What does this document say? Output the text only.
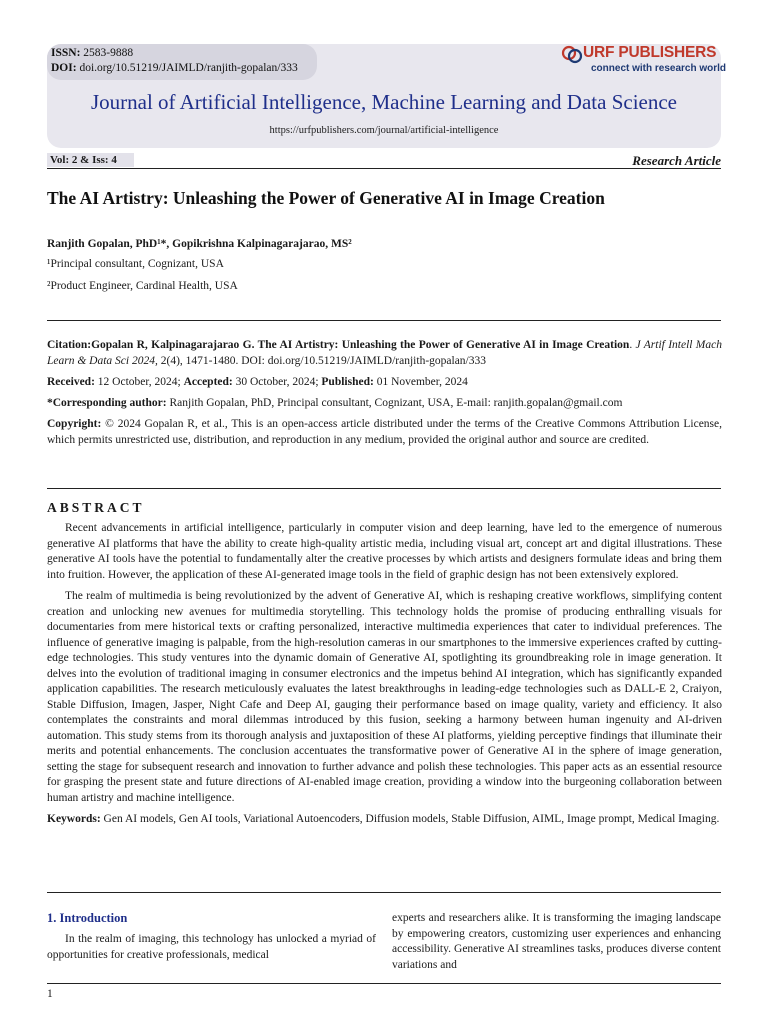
ISSN: 2583-9888
DOI: doi.org/10.51219/JAIMLD/ranjith-gopalan/333
URF PUBLISHERS
connect with research world
Journal of Artificial Intelligence, Machine Learning and Data Science
https://urfpublishers.com/journal/artificial-intelligence
Vol: 2 & Iss: 4	Research Article
The AI Artistry: Unleashing the Power of Generative AI in Image Creation
Ranjith Gopalan, PhD¹*, Gopikrishna Kalpinagarajarao, MS²
¹Principal consultant, Cognizant, USA
²Product Engineer, Cardinal Health, USA
Citation:Gopalan R, Kalpinagarajarao G. The AI Artistry: Unleashing the Power of Generative AI in Image Creation. J Artif Intell Mach Learn & Data Sci 2024, 2(4), 1471-1480. DOI: doi.org/10.51219/JAIMLD/ranjith-gopalan/333
Received: 12 October, 2024; Accepted: 30 October, 2024; Published: 01 November, 2024
*Corresponding author: Ranjith Gopalan, PhD, Principal consultant, Cognizant, USA, E-mail: ranjith.gopalan@gmail.com
Copyright: © 2024 Gopalan R, et al., This is an open-access article distributed under the terms of the Creative Commons Attribution License, which permits unrestricted use, distribution, and reproduction in any medium, provided the original author and source are credited.
ABSTRACT

Recent advancements in artificial intelligence, particularly in computer vision and deep learning, have led to the emergence of numerous generative AI platforms that have the ability to create high-quality artistic media, including visual art, concept art and digital illustrations. These generative AI tools have the potential to fundamentally alter the creative processes by which artists and designers formulate ideas and bring them into fruition. However, the application of these AI-generated image tools in the field of graphic design has not been extensively explored.

The realm of multimedia is being revolutionized by the advent of Generative AI, which is reshaping creative workflows, simplifying content creation and unlocking new avenues for multimedia storytelling. This technology holds the promise of producing enthralling visuals for documentaries from mere historical texts or crafting personalized, interactive multimedia experiences that cater to individual preferences. The influence of generative imaging is palpable, from the high-resolution cameras in our smartphones to the immersive experiences crafted by cutting-edge technologies. This study ventures into the dynamic domain of Generative AI, spotlighting its groundbreaking role in image generation. It delves into the evolution of traditional imaging in consumer electronics and the impetus behind AI integration, which has significantly expanded application capabilities. The research meticulously evaluates the latest breakthroughs in leading-edge technologies such as DALL-E 2, Craiyon, Stable Diffusion, Imagen, Jasper, Night Cafe and Deep AI, gauging their performance based on image quality, variety and efficiency. It also contemplates the constraints and moral dilemmas introduced by this fusion, seeking a harmony between human ingenuity and AI-driven automation. This study stems from its thorough analysis and juxtaposition of these AI platforms, yielding perceptive findings that illuminate their merits and potential enhancements. The conclusion accentuates the transformative power of Generative AI in the sphere of image generation, setting the stage for subsequent research and innovation to further advance and polish these technologies. This paper acts as an essential resource for grasping the present state and future directions of AI-enabled image creation, providing a window into the burgeoning collaboration between human artistry and machine intelligence.

Keywords: Gen AI models, Gen AI tools, Variational Autoencoders, Diffusion models, Stable Diffusion, AIML, Image prompt, Medical Imaging.

1. Introduction

In the realm of imaging, this technology has unlocked a myriad of opportunities for creative professionals, medical

experts and researchers alike. It is transforming the imaging landscape by empowering creators, customizing user experiences and enhancing accessibility. Generative AI streamlines tasks, produces diverse content variations and

1
